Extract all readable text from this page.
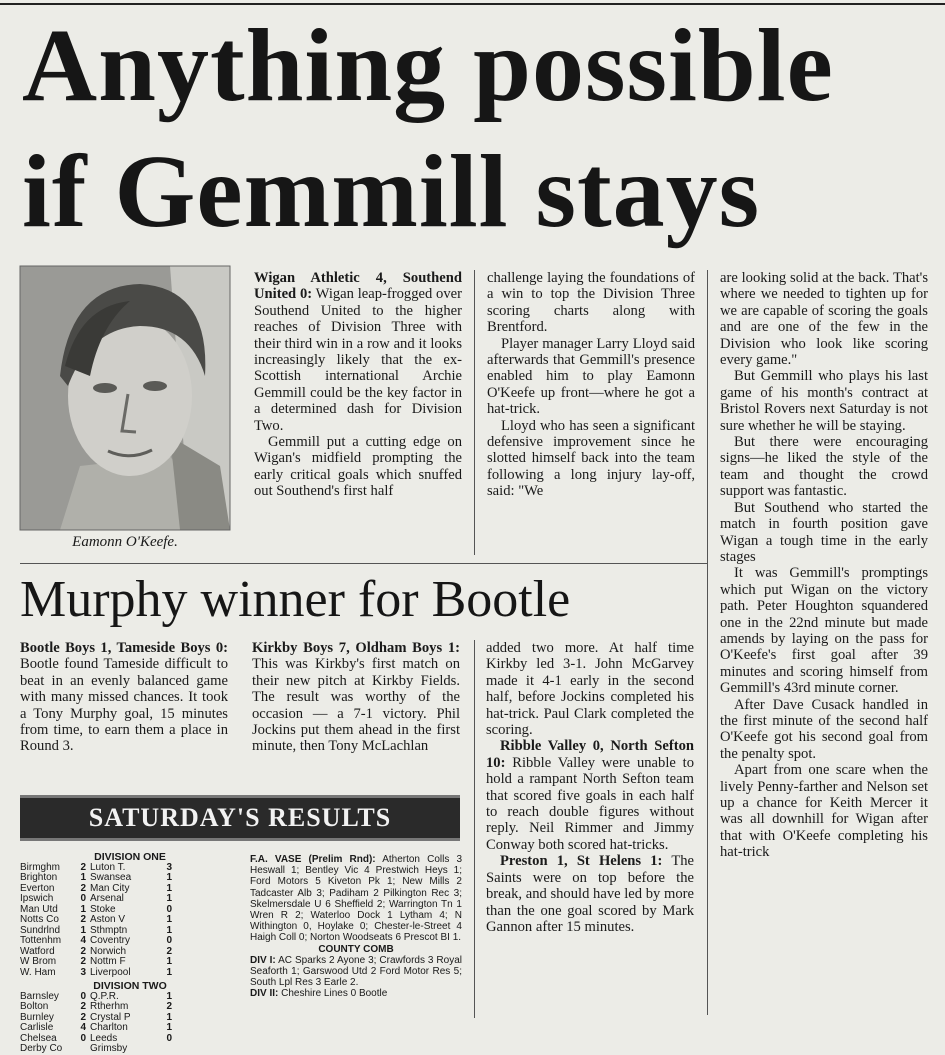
Anything possible
if Gemmill stays
Eamonn O'Keefe.

Wigan Athletic 4, Southend United 0: Wigan leap-frogged over Southend United to the higher reaches of Division Three with their third win in a row and it looks increasingly likely that the ex-Scottish international Archie Gemmill could be the key factor in a determined dash for Division Two.

Gemmill put a cutting edge on Wigan's midfield prompting the early critical goals which snuffed out Southend's first half

challenge laying the foundations of a win to top the Division Three scoring charts along with Brentford.

Player manager Larry Lloyd said afterwards that Gemmill's presence enabled him to play Eamonn O'Keefe up front—where he got a hat-trick.

Lloyd who has seen a significant defensive improvement since he slotted himself back into the team following a long injury lay-off, said: "We

are looking solid at the back. That's where we needed to tighten up for we are capable of scoring the goals and are one of the few in the Division who look like scoring every game."

But Gemmill who plays his last game of his month's contract at Bristol Rovers next Saturday is not sure whether he will be staying.

But there were encouraging signs—he liked the style of the team and thought the crowd support was fantastic.

But Southend who started the match in fourth position gave Wigan a tough time in the early stages

It was Gemmill's promptings which put Wigan on the victory path. Peter Houghton squandered one in the 22nd minute but made amends by laying on the pass for O'Keefe's first goal after 39 minutes and scoring himself from Gemmill's 43rd minute corner.

After Dave Cusack handled in the first minute of the second half O'Keefe got his second goal from the penalty spot.

Apart from one scare when the lively Penny-farther and Nelson set up a chance for Keith Mercer it was all downhill for Wigan after that with O'Keefe completing his hat-trick

Murphy winner for Bootle

Bootle Boys 1, Tameside Boys 0: Bootle found Tameside difficult to beat in an evenly balanced game with many missed chances. It took a Tony Murphy goal, 15 minutes from time, to earn them a place in Round 3.

Kirkby Boys 7, Oldham Boys 1: This was Kirkby's first match on their new pitch at Kirkby Fields. The result was worthy of the occasion — a 7-1 victory. Phil Jockins put them ahead in the first minute, then Tony McLachlan

added two more. At half time Kirkby led 3-1. John McGarvey made it 4-1 early in the second half, before Jockins completed his hat-trick. Paul Clark completed the scoring.

Ribble Valley 0, North Sefton 10: Ribble Valley were unable to hold a rampant North Sefton team that scored five goals in each half to reach double figures without reply. Neil Rimmer and Jimmy Conway both scored hat-tricks.

Preston 1, St Helens 1: The Saints were on top before the break, and should have led by more than the one goal scored by Mark Gannon after 15 minutes.

SATURDAY'S RESULTS

DIVISION ONE

Birmghm	2 Luton T.	3
Brighton	1 Swansea	1
Everton	2 Man City	1
Ipswich	0 Arsenal	1
Man Utd	1 Stoke	0
Notts Co	2 Aston V	1
Sundrlnd	1 Sthmptn	1
Tottenhm	4 Coventry	0
Watford	2 Norwich	2
W Brom	2 Nottm F	1
W. Ham	3 Liverpool	1

DIVISION TWO

Barnsley	0 Q.P.R.	1
Bolton	2 Rtherhm	2
Burnley	2 Crystal P	1
Carlisle	4 Charlton	1
Chelsea	0 Leeds	0
Derby Co	Grimsby

F.A. VASE (Prelim Rnd): Atherton Colls 3 Heswall 1; Bentley Vic 4 Prestwich Heys 1; Ford Motors 5 Kiveton Pk 1; New Mills 2 Tadcaster Alb 3; Padiham 2 Pilkington Rec 3; Skelmersdale U 6 Sheffield 2; Warrington Tn 1 Wren R 2; Waterloo Dock 1 Lytham 4; N Withington 0, Hoylake 0; Chester-le-Street 4 Haigh Coll 0; Norton Woodseats 6 Prescot BI 1.

COUNTY COMB

DIV I: AC Sparks 2 Ayone 3; Crawfords 3 Royal Seaforth 1; Garswood Utd 2 Ford Motor Res 5; South Lpl Res 3 Earle 2.

DIV II: Cheshire Lines 0 Bootle
